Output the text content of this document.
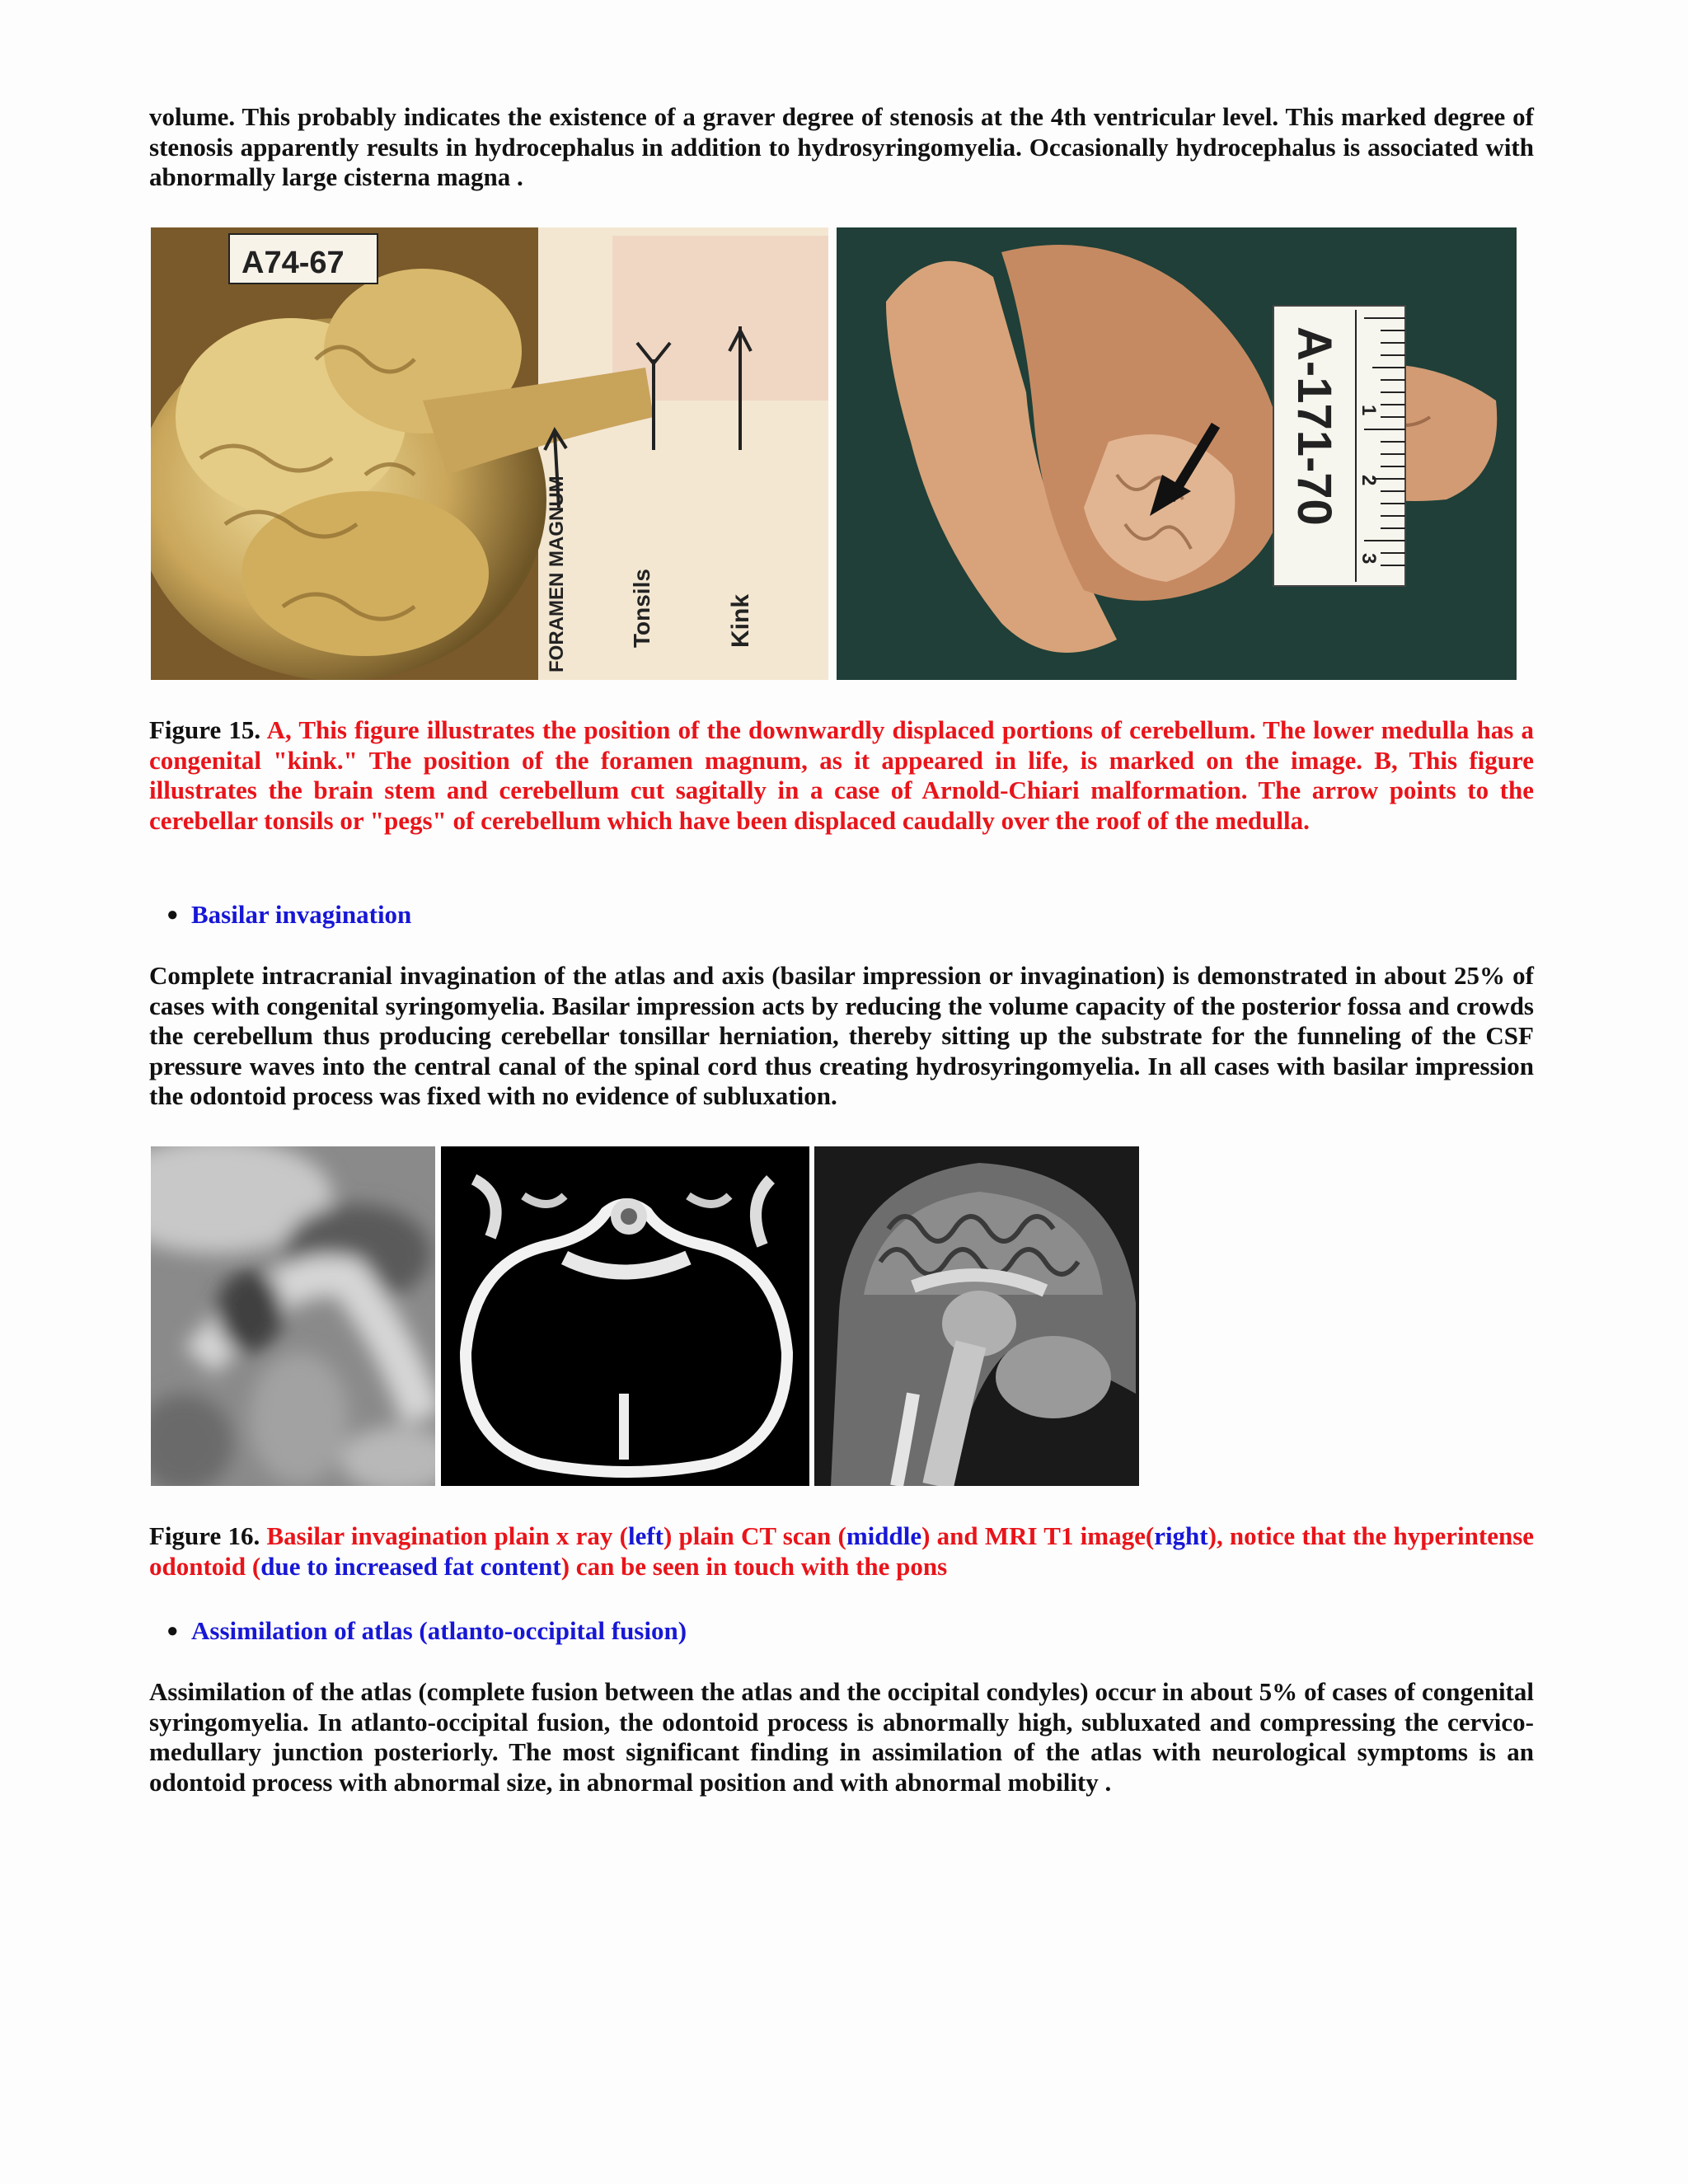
volume. This probably indicates the existence of a graver degree of stenosis at the 4th ventricular level. This marked degree of stenosis apparently results in hydrocephalus in addition to hydrosyringomyelia. Occasionally hydrocephalus is associated with abnormally large cisterna magna .

A74-67
FORAMEN MAGNUM	Tonsils	Kink
A-171-70 1
2
3

Figure 15. A, This figure illustrates the position of the downwardly displaced portions of cerebellum. The lower medulla has a congenital "kink." The position of the foramen magnum, as it appeared in life, is marked on the image. B, This figure illustrates the brain stem and cerebellum cut sagitally in a case of Arnold-Chiari malformation. The arrow points to the cerebellar tonsils or "pegs" of cerebellum which have been displaced caudally over the roof of the medulla.

● Basilar invagination

Complete intracranial invagination of the atlas and axis (basilar impression or invagination) is demonstrated in about 25% of cases with congenital syringomyelia. Basilar impression acts by reducing the volume capacity of the posterior fossa and crowds the cerebellum thus producing cerebellar tonsillar herniation, thereby sitting up the substrate for the funneling of the CSF pressure waves into the central canal of the spinal cord thus creating hydrosyringomyelia. In all cases with basilar impression the odontoid process was fixed with no evidence of subluxation.

Figure 16. Basilar invagination plain x ray (left) plain CT scan (middle) and MRI T1 image(right), notice that the hyperintense odontoid (due to increased fat content) can be seen in touch with the pons

● Assimilation of atlas (atlanto-occipital fusion)

Assimilation of the atlas (complete fusion between the atlas and the occipital condyles) occur in about 5% of cases of congenital syringomyelia. In atlanto-occipital fusion, the odontoid process is abnormally high, subluxated and compressing the cervico-medullary junction posteriorly. The most significant finding in assimilation of the atlas with neurological symptoms is an odontoid process with abnormal size, in abnormal position and with abnormal mobility .
